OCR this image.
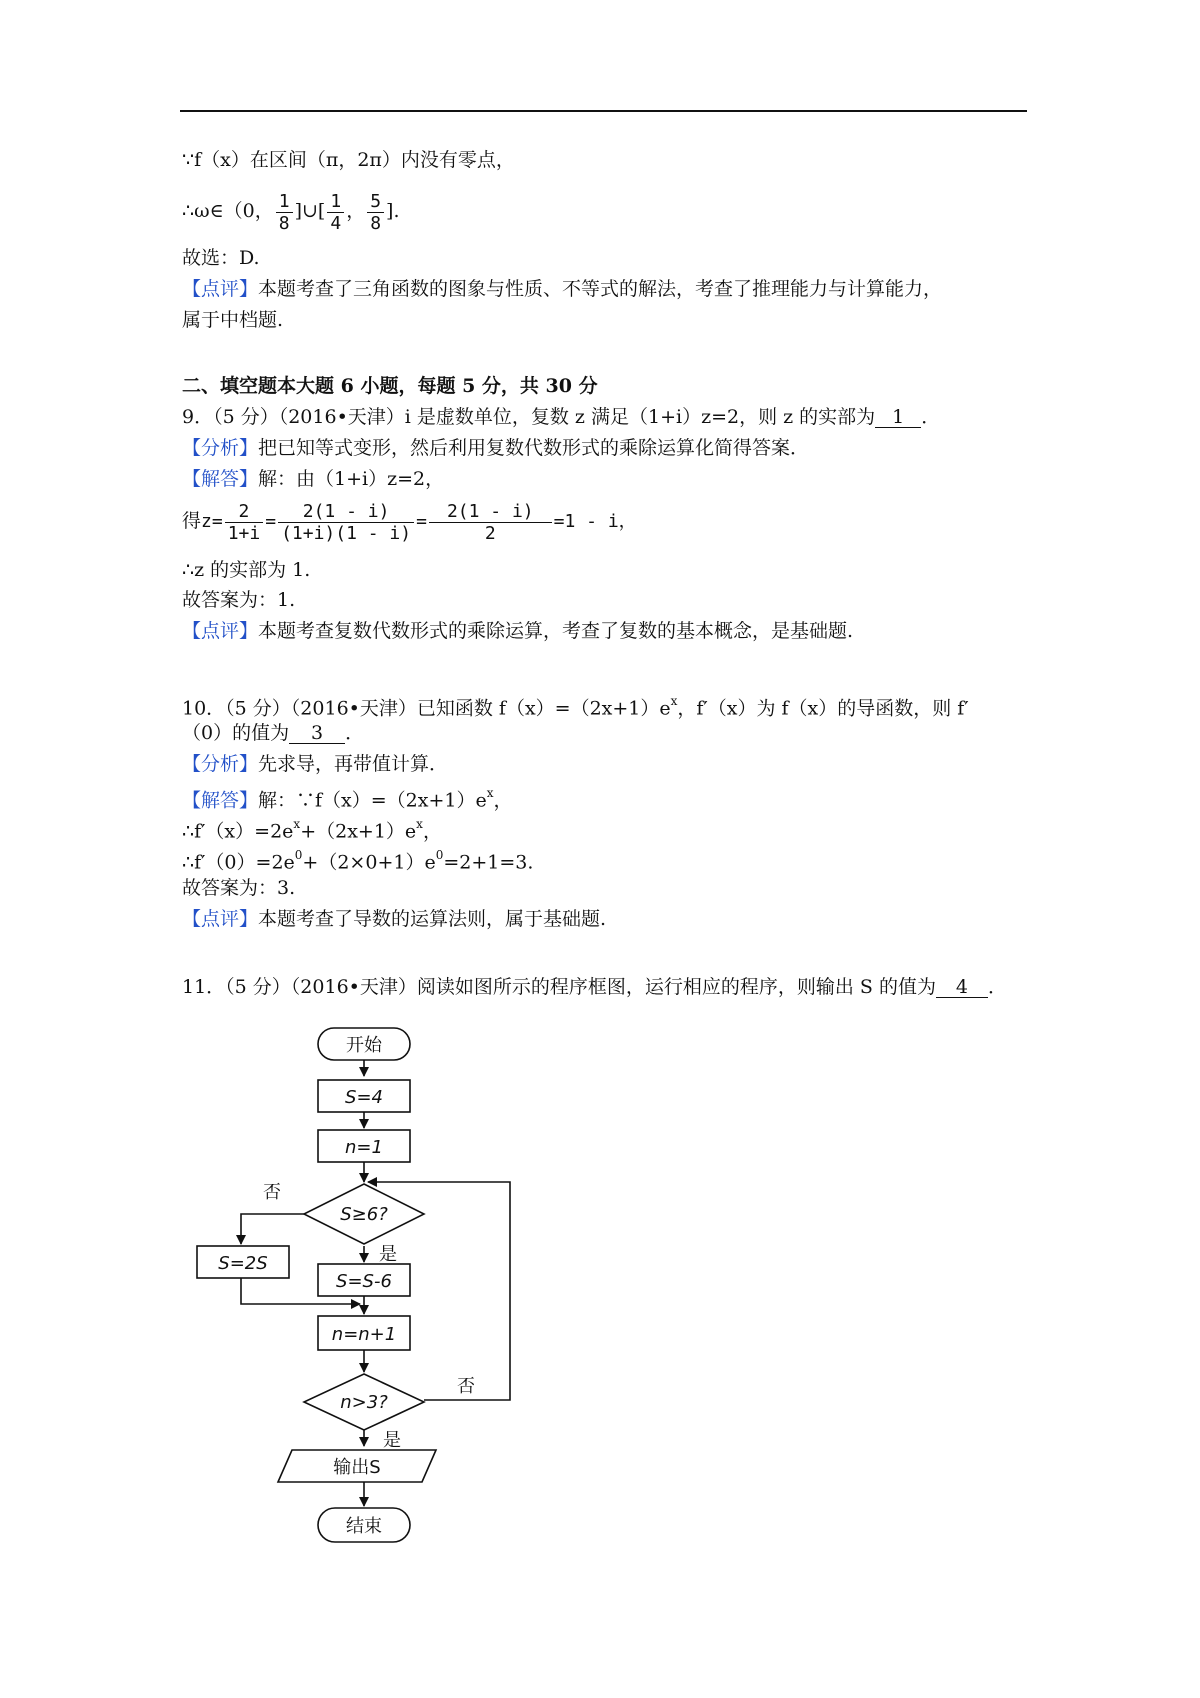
∵f（x）在区间（π，2π）内没有零点，
∴ω∈（0， $\frac{1}{8}$ ]∪[ $\frac{1}{4}$ ， $\frac{5}{8}$ ].
故选：D.
【点评】本题考查了三角函数的图象与性质、不等式的解法，考查了推理能力与计算能力，
属于中档题.
二、填空题本大题 6 小题，每题 5 分，共 30 分
9．（5 分）（2016•天津）i 是虚数单位，复数 z 满足（1+i）z=2，则 z 的实部为 1 ．
【分析】把已知等式变形，然后利用复数代数形式的乘除运算化简得答案．
【解答】解：由（1+i）z=2，
得$z= \frac{2}{1+i} = \frac{2(1 - i)}{(1+i)(1 - i)} = \frac{2(1 - i)}{2} =1 - i$，
∴z 的实部为 1.
故答案为：1.
【点评】本题考查复数代数形式的乘除运算，考查了复数的基本概念，是基础题.
10．（5 分）（2016•天津）已知函数 $f(x)=(2x+1)e^x$，f′（x）为 f（x）的导函数，则 f′
（0）的值为 3 ．
【分析】先求导，再带值计算．
【解答】解：$\because f(x)=(2x+1)e^x$，
$\therefore f'(x)=2e^x+(2x+1)e^x$，
$\therefore f'(0)=2e^0+(2\times 0+1)e^0=2+1=3$.
故答案为：3.
【点评】本题考查了导数的运算法则，属于基础题.
11．（5 分）（2016•天津）阅读如图所示的程序框图，运行相应的程序，则输出 S 的值为 4 ．
开始
S=4
n=1
S≥6?
否
是
S=2S
S=S-6
n=n+1
n>3?
否
是
输出S
结束
